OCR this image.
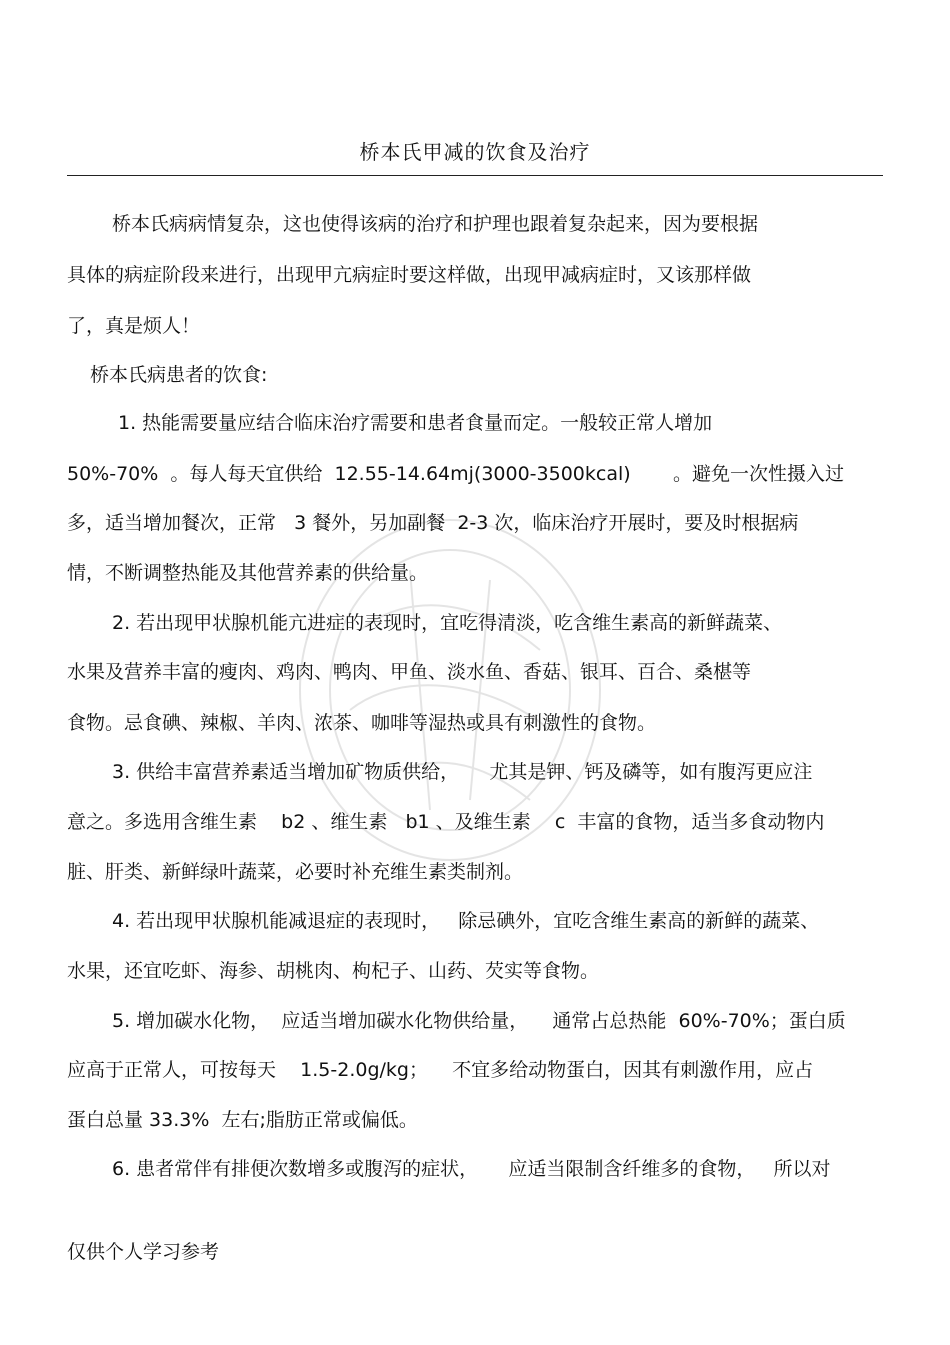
桥本氏甲减的饮食及治疗
桥本氏病病情复杂，这也使得该病的治疗和护理也跟着复杂起来，因为要根据
具体的病症阶段来进行，出现甲亢病症时要这样做，出现甲减病症时，又该那样做
了，真是烦人！
桥本氏病患者的饮食:
1. 热能需要量应结合临床治疗需要和患者食量而定。一般较正常人增加
50%-70%  。每人每天宜供给  12.55-14.64mj(3000-3500kcal)       。避免一次性摄入过
多，适当增加餐次，正常   3 餐外，另加副餐  2-3 次，临床治疗开展时，要及时根据病
情，不断调整热能及其他营养素的供给量。
2. 若出现甲状腺机能亢进症的表现时，宜吃得清淡，吃含维生素高的新鲜蔬菜、
水果及营养丰富的瘦肉、鸡肉、鸭肉、甲鱼、淡水鱼、香菇、银耳、百合、桑椹等
食物。忌食碘、辣椒、羊肉、浓茶、咖啡等湿热或具有刺激性的食物。
3. 供给丰富营养素适当增加矿物质供给，     尤其是钾、钙及磷等，如有腹泻更应注
意之。多选用含维生素    b2 、维生素   b1 、及维生素    c  丰富的食物，适当多食动物内
脏、肝类、新鲜绿叶蔬菜，必要时补充维生素类制剂。
4. 若出现甲状腺机能减退症的表现时，   除忌碘外，宜吃含维生素高的新鲜的蔬菜、
水果，还宜吃虾、海参、胡桃肉、枸杞子、山药、芡实等食物。
5. 增加碳水化物，  应适当增加碳水化物供给量，    通常占总热能  60%-70%；蛋白质
应高于正常人，可按每天    1.5-2.0g/kg；    不宜多给动物蛋白，因其有刺激作用，应占
蛋白总量 33.3%  左右;脂肪正常或偏低。
6. 患者常伴有排便次数增多或腹泻的症状，     应适当限制含纤维多的食物，   所以对
仅供个人学习参考
